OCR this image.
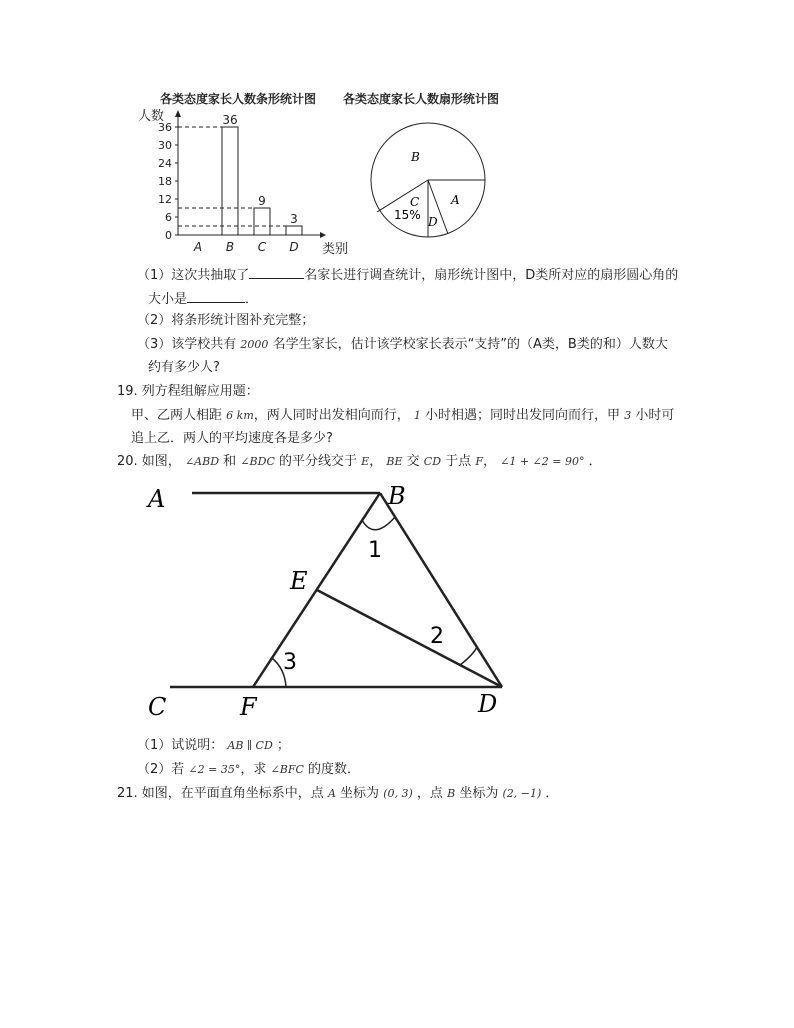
各类态度家长人数条形统计图 各类态度家长人数扇形统计图
人数
0
6
12
18
24
30
36
A B C D
36
9
3
类别
B
A
C
D
15%
（1）这次共抽取了	名家长进行调查统计，扇形统计图中，D类所对应的扇形圆心角的
大小是	．
（2）将条形统计图补充完整；
（3）该学校共有 2000 名学生家长，估计该学校家长表示“支持”的（A类，B类的和）人数大
约有多少人?
19. 列方程组解应用题：
甲、乙两人相距 6 km，两人同时出发相向而行， 1 小时相遇；同时出发同向而行，甲 3 小时可
追上乙．两人的平均速度各是多少?
20. 如图， ∠ABD 和 ∠BDC 的平分线交于 E， BE 交 CD 于点 F， ∠1 + ∠2 = 90° ．
A	B
C	D
E
F
1
2
3
（1）试说明： AB ∥ CD ；
（2）若 ∠2 = 35°，求 ∠BFC 的度数．
21. 如图，在平面直角坐标系中，点 A 坐标为 (0, 3) ，点 B 坐标为 (2, −1) ．
